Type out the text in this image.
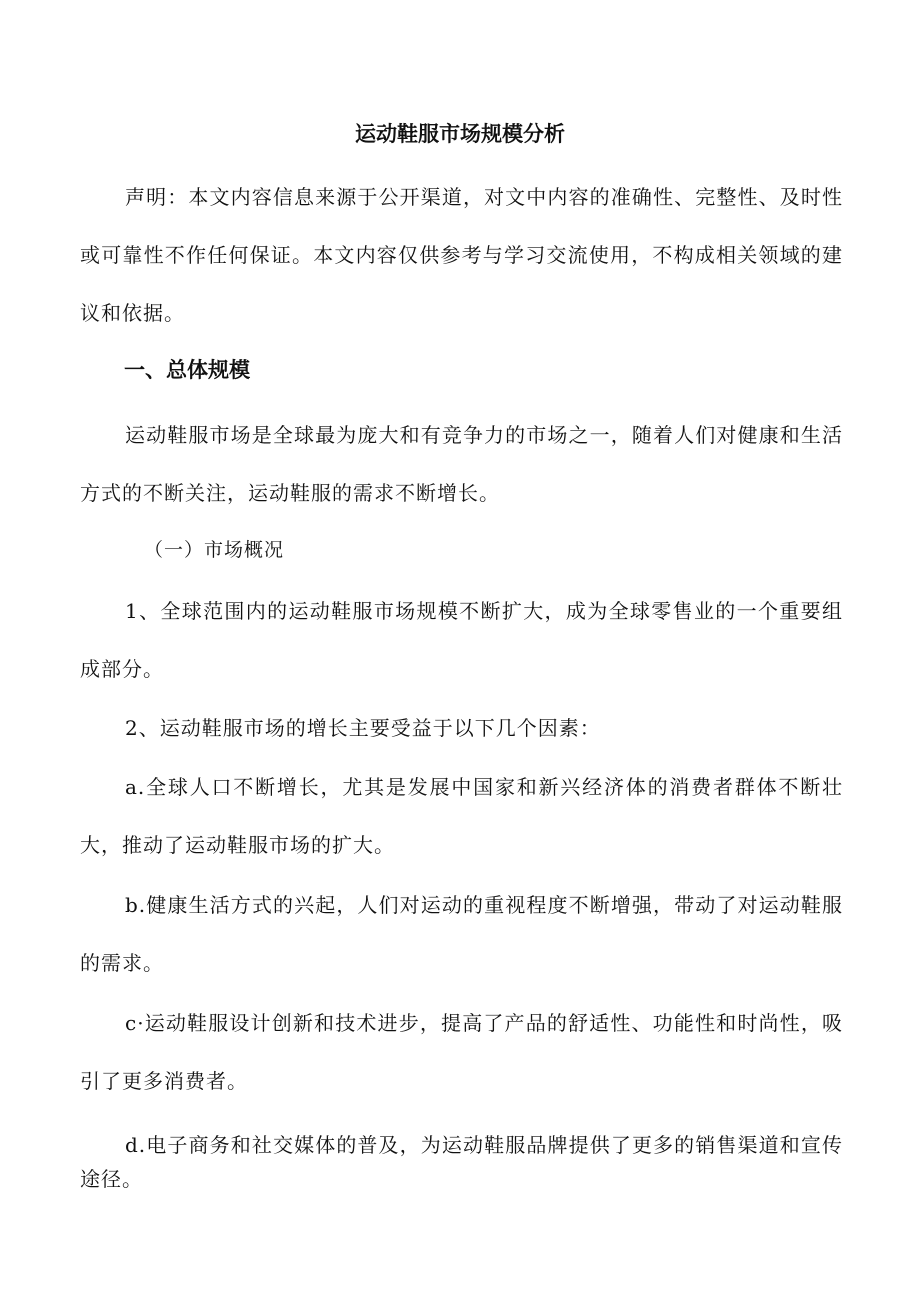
运动鞋服市场规模分析

声明：本文内容信息来源于公开渠道，对文中内容的准确性、完整性、及时性或可靠性不作任何保证。本文内容仅供参考与学习交流使用，不构成相关领域的建议和依据。

一、总体规模

运动鞋服市场是全球最为庞大和有竞争力的市场之一，随着人们对健康和生活方式的不断关注，运动鞋服的需求不断增长。

（一）市场概况

1、全球范围内的运动鞋服市场规模不断扩大，成为全球零售业的一个重要组成部分。

2、运动鞋服市场的增长主要受益于以下几个因素：

a.全球人口不断增长，尤其是发展中国家和新兴经济体的消费者群体不断壮大，推动了运动鞋服市场的扩大。

b.健康生活方式的兴起，人们对运动的重视程度不断增强，带动了对运动鞋服的需求。

c·运动鞋服设计创新和技术进步，提高了产品的舒适性、功能性和时尚性，吸引了更多消费者。

d.电子商务和社交媒体的普及，为运动鞋服品牌提供了更多的销售渠道和宣传途径。
